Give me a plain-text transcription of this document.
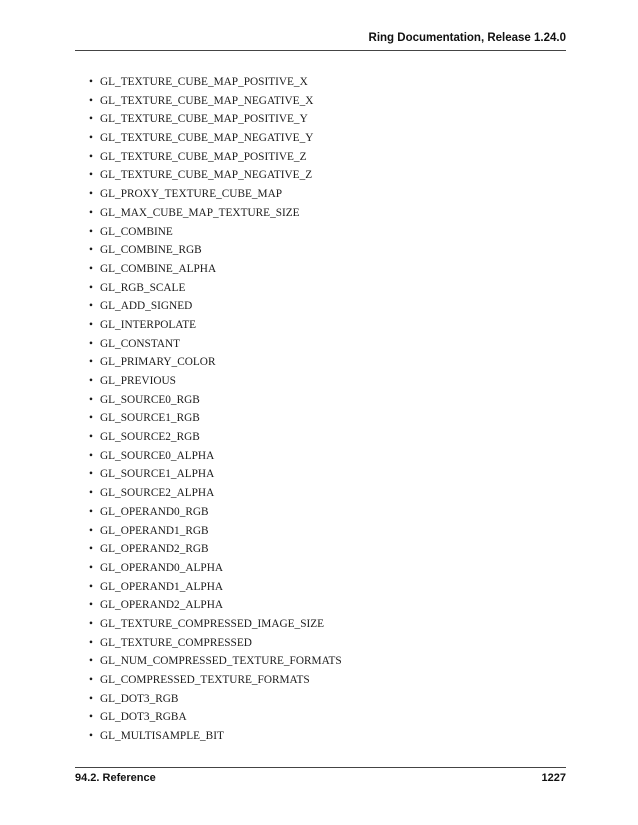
Ring Documentation, Release 1.24.0
• GL_TEXTURE_CUBE_MAP_POSITIVE_X
• GL_TEXTURE_CUBE_MAP_NEGATIVE_X
• GL_TEXTURE_CUBE_MAP_POSITIVE_Y
• GL_TEXTURE_CUBE_MAP_NEGATIVE_Y
• GL_TEXTURE_CUBE_MAP_POSITIVE_Z
• GL_TEXTURE_CUBE_MAP_NEGATIVE_Z
• GL_PROXY_TEXTURE_CUBE_MAP
• GL_MAX_CUBE_MAP_TEXTURE_SIZE
• GL_COMBINE
• GL_COMBINE_RGB
• GL_COMBINE_ALPHA
• GL_RGB_SCALE
• GL_ADD_SIGNED
• GL_INTERPOLATE
• GL_CONSTANT
• GL_PRIMARY_COLOR
• GL_PREVIOUS
• GL_SOURCE0_RGB
• GL_SOURCE1_RGB
• GL_SOURCE2_RGB
• GL_SOURCE0_ALPHA
• GL_SOURCE1_ALPHA
• GL_SOURCE2_ALPHA
• GL_OPERAND0_RGB
• GL_OPERAND1_RGB
• GL_OPERAND2_RGB
• GL_OPERAND0_ALPHA
• GL_OPERAND1_ALPHA
• GL_OPERAND2_ALPHA
• GL_TEXTURE_COMPRESSED_IMAGE_SIZE
• GL_TEXTURE_COMPRESSED
• GL_NUM_COMPRESSED_TEXTURE_FORMATS
• GL_COMPRESSED_TEXTURE_FORMATS
• GL_DOT3_RGB
• GL_DOT3_RGBA
• GL_MULTISAMPLE_BIT
94.2. Reference	1227
